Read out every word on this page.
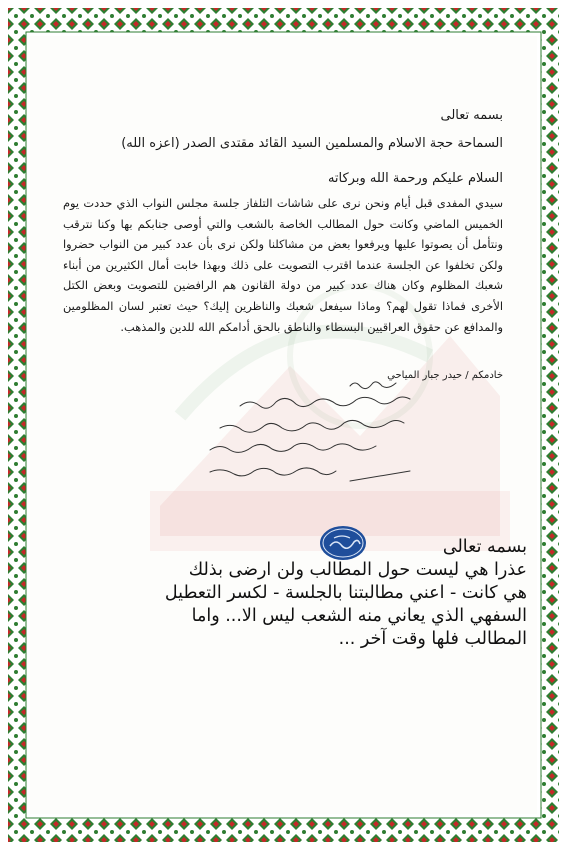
بسمه تعالى
السماحة حجة الاسلام والمسلمين السيد القائد مقتدى الصدر (اعزه الله)
السلام عليكم ورحمة الله وبركاته
سيدي المفدى قبل أيام ونحن نرى على شاشات التلفاز جلسة مجلس النواب الذي حددت يوم الخميس الماضي وكانت حول المطالب الخاصة بالشعب والتي أوصى جنابكم بها وكنا نترقب ونتأمل أن يصوتوا عليها ويرفعوا بعض من مشاكلنا ولكن نرى بأن عدد كبير من النواب حضروا ولكن تخلفوا عن الجلسة عندما اقترب التصويت على ذلك وبهذا خابت أمال الكثيرين من أبناء شعبك المظلوم وكان هناك عدد كبير من دولة القانون هم الرافضين للتصويت وبعض الكتل الأخرى فماذا تقول لهم؟ وماذا سيفعل شعبك والناظرين إليك؟ حيث تعتبر لسان المظلومين والمدافع عن حقوق العراقيين البسطاء والناطق بالحق أدامكم الله للدين والمذهب.
خادمكم / حيدر جبار المياحي
بسمه تعالى
عذرا هي ليست حول المطالب ولن ارضى بذلك
هي كانت - اعني مطالبتنا بالجلسة - لكسر التعطيل
السفهي الذي يعاني منه الشعب ليس الا... واما
المطالب فلها وقت آخر ...
